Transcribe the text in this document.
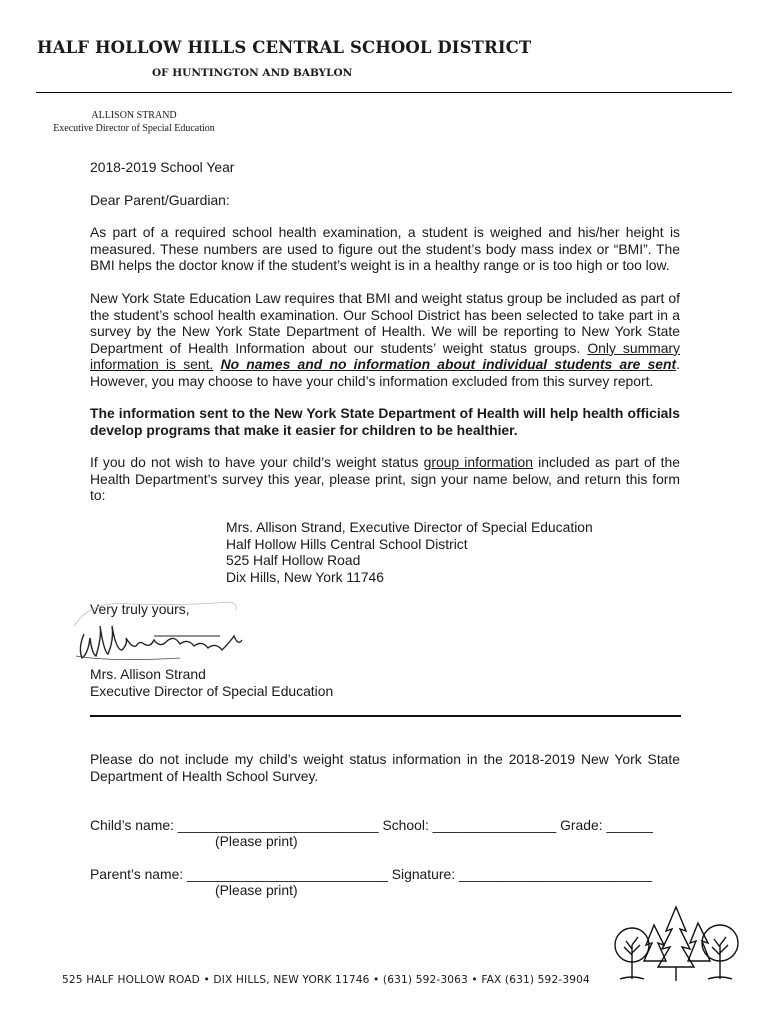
HALF HOLLOW HILLS CENTRAL SCHOOL DISTRICT
OF HUNTINGTON AND BABYLON
ALLISON STRAND
Executive Director of Special Education
2018-2019 School Year
Dear Parent/Guardian:
As part of a required school health examination, a student is weighed and his/her height is measured. These numbers are used to figure out the student’s body mass index or “BMI”. The BMI helps the doctor know if the student’s weight is in a healthy range or is too high or too low.
New York State Education Law requires that BMI and weight status group be included as part of the student’s school health examination. Our School District has been selected to take part in a survey by the New York State Department of Health. We will be reporting to New York State Department of Health Information about our students’ weight status groups. Only summary information is sent. No names and no information about individual students are sent. However, you may choose to have your child’s information excluded from this survey report.
The information sent to the New York State Department of Health will help health officials develop programs that make it easier for children to be healthier.
If you do not wish to have your child’s weight status group information included as part of the Health Department’s survey this year, please print, sign your name below, and return this form to:
Mrs. Allison Strand, Executive Director of Special Education
Half Hollow Hills Central School District
525 Half Hollow Road
Dix Hills, New York 11746
Very truly yours,
Mrs. Allison Strand
Executive Director of Special Education
Please do not include my child’s weight status information in the 2018-2019 New York State Department of Health School Survey.
Child’s name: __________________________ School: ________________ Grade: ______
(Please print)
Parent’s name: __________________________ Signature: _________________________
(Please print)
525 HALF HOLLOW ROAD • DIX HILLS, NEW YORK 11746 • (631) 592-3063 • FAX (631) 592-3904
